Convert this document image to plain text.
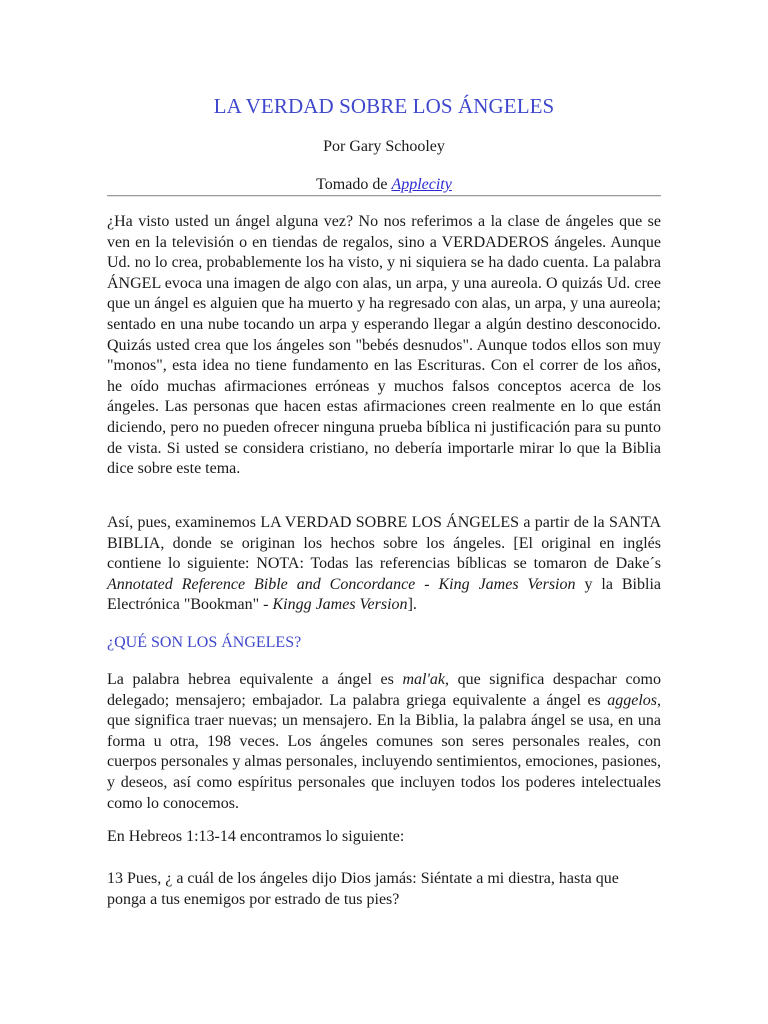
LA VERDAD SOBRE LOS ÁNGELES

Por Gary Schooley

Tomado de Applecity

¿Ha visto usted un ángel alguna vez? No nos referimos a la clase de ángeles que se ven en la televisión o en tiendas de regalos, sino a VERDADEROS ángeles. Aunque Ud. no lo crea, probablemente los ha visto, y ni siquiera se ha dado cuenta. La palabra ÁNGEL evoca una imagen de algo con alas, un arpa, y una aureola. O quizás Ud. cree que un ángel es alguien que ha muerto y ha regresado con alas, un arpa, y una aureola; sentado en una nube tocando un arpa y esperando llegar a algún destino desconocido. Quizás usted crea que los ángeles son "bebés desnudos". Aunque todos ellos son muy "monos", esta idea no tiene fundamento en las Escrituras. Con el correr de los años, he oído muchas afirmaciones erróneas y muchos falsos conceptos acerca de los ángeles. Las personas que hacen estas afirmaciones creen realmente en lo que están diciendo, pero no pueden ofrecer ninguna prueba bíblica ni justificación para su punto de vista. Si usted se considera cristiano, no debería importarle mirar lo que la Biblia dice sobre este tema.

Así, pues, examinemos LA VERDAD SOBRE LOS ÁNGELES a partir de la SANTA BIBLIA, donde se originan los hechos sobre los ángeles. [El original en inglés contiene lo siguiente: NOTA: Todas las referencias bíblicas se tomaron de Dake´s Annotated Reference Bible and Concordance - King James Version y la Biblia Electrónica "Bookman" - Kingg James Version].

¿QUÉ SON LOS ÁNGELES?

La palabra hebrea equivalente a ángel es mal'ak, que significa despachar como delegado; mensajero; embajador. La palabra griega equivalente a ángel es aggelos, que significa traer nuevas; un mensajero. En la Biblia, la palabra ángel se usa, en una forma u otra, 198 veces. Los ángeles comunes son seres personales reales, con cuerpos personales y almas personales, incluyendo sentimientos, emociones, pasiones, y deseos, así como espíritus personales que incluyen todos los poderes intelectuales como lo conocemos.

En Hebreos 1:13-14 encontramos lo siguiente:

13 Pues, ¿ a cuál de los ángeles dijo Dios jamás: Siéntate a mi diestra, hasta que ponga a tus enemigos por estrado de tus pies?
